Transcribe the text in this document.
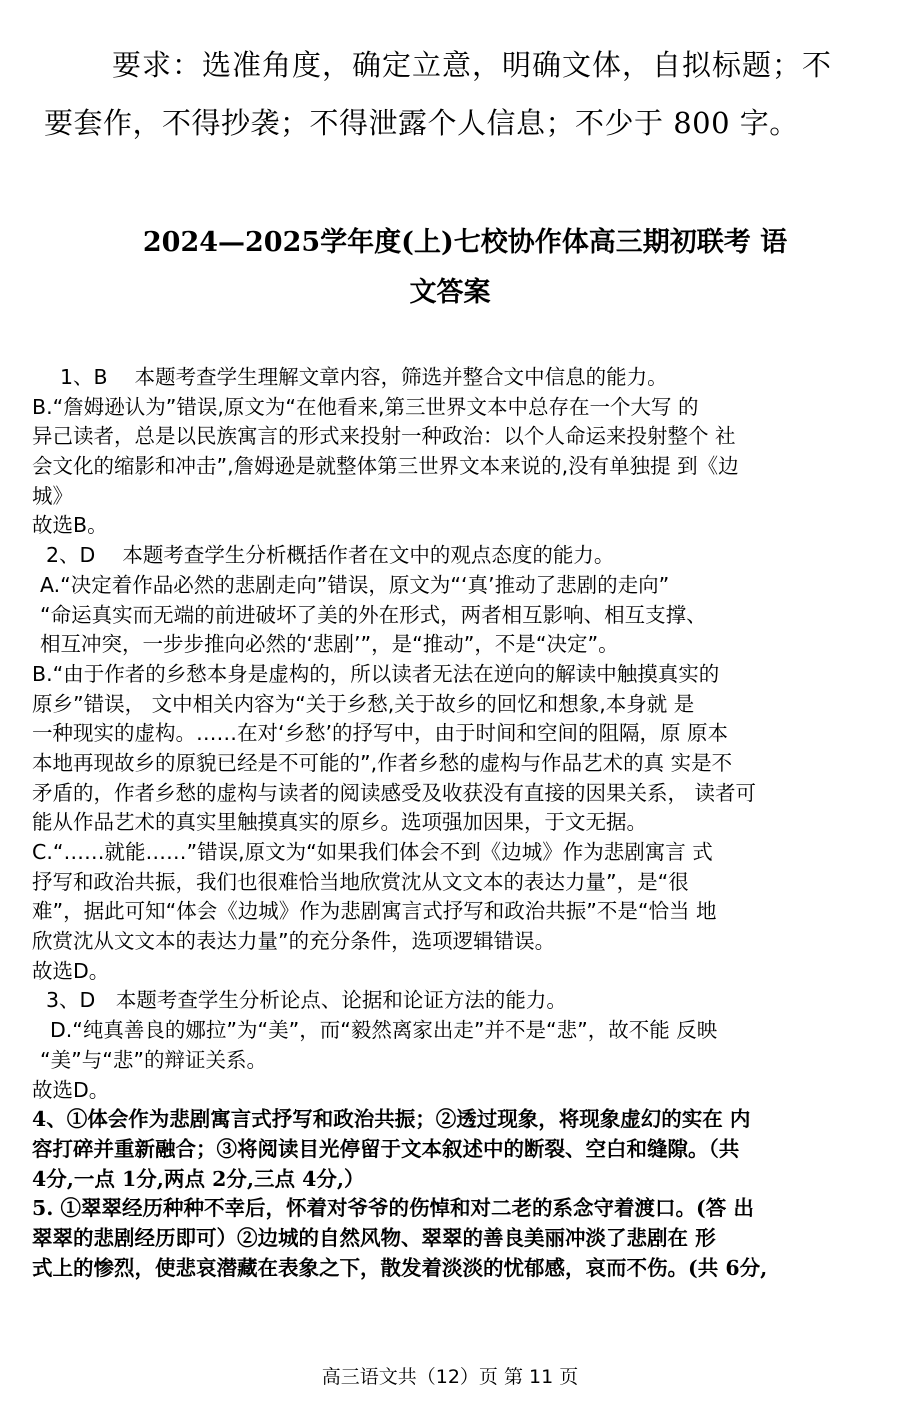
要求：选准角度，确定立意，明确文体，自拟标题；不
要套作，不得抄袭；不得泄露个人信息；不少于 800 字。
2024—2025学年度(上)七校协作体高三期初联考 语
文答案
1、B　 本题考查学生理解文章内容，筛选并整合文中信息的能力。
B.“詹姆逊认为”错误,原文为“在他看来,第三世界文本中总存在一个大写 的
异己读者，总是以民族寓言的形式来投射一种政治：以个人命运来投射整个 社
会文化的缩影和冲击”,詹姆逊是就整体第三世界文本来说的,没有单独提 到《边
城》
故选B。
2、D　 本题考查学生分析概括作者在文中的观点态度的能力。
A.“决定着作品必然的悲剧走向”错误，原文为“‘真’推动了悲剧的走向”
“命运真实而无端的前进破坏了美的外在形式，两者相互影响、相互支撑、
相互冲突，一步步推向必然的‘悲剧’”，是“推动”，不是“决定”。
B.“由于作者的乡愁本身是虚构的，所以读者无法在逆向的解读中触摸真实的
原乡”错误， 文中相关内容为“关于乡愁,关于故乡的回忆和想象,本身就 是
一种现实的虚构。……在对‘乡愁’的抒写中，由于时间和空间的阻隔，原 原本
本地再现故乡的原貌已经是不可能的”,作者乡愁的虚构与作品艺术的真 实是不
矛盾的，作者乡愁的虚构与读者的阅读感受及收获没有直接的因果关系， 读者可
能从作品艺术的真实里触摸真实的原乡。选项强加因果，于文无据。
C.“……就能……”错误,原文为“如果我们体会不到《边城》作为悲剧寓言 式
抒写和政治共振，我们也很难恰当地欣赏沈从文文本的表达力量”，是“很
难”，据此可知“体会《边城》作为悲剧寓言式抒写和政治共振”不是“恰当 地
欣赏沈从文文本的表达力量”的充分条件，选项逻辑错误。
故选D。
3、D　本题考查学生分析论点、论据和论证方法的能力。
D.“纯真善良的娜拉”为“美”，而“毅然离家出走”并不是“悲”，故不能 反映
“美”与“悲”的辩证关系。
故选D。
4、①体会作为悲剧寓言式抒写和政治共振；②透过现象，将现象虚幻的实在 内
容打碎并重新融合；③将阅读目光停留于文本叙述中的断裂、空白和缝隙。（共
4分,一点 1分,两点 2分,三点 4分,）
5. ①翠翠经历种种不幸后，怀着对爷爷的伤悼和对二老的系念守着渡口。(答 出
翠翠的悲剧经历即可）②边城的自然风物、翠翠的善良美丽冲淡了悲剧在 形
式上的惨烈，使悲哀潜藏在表象之下，散发着淡淡的忧郁感，哀而不伤。(共 6分,
高三语文共（12）页 第 11 页
